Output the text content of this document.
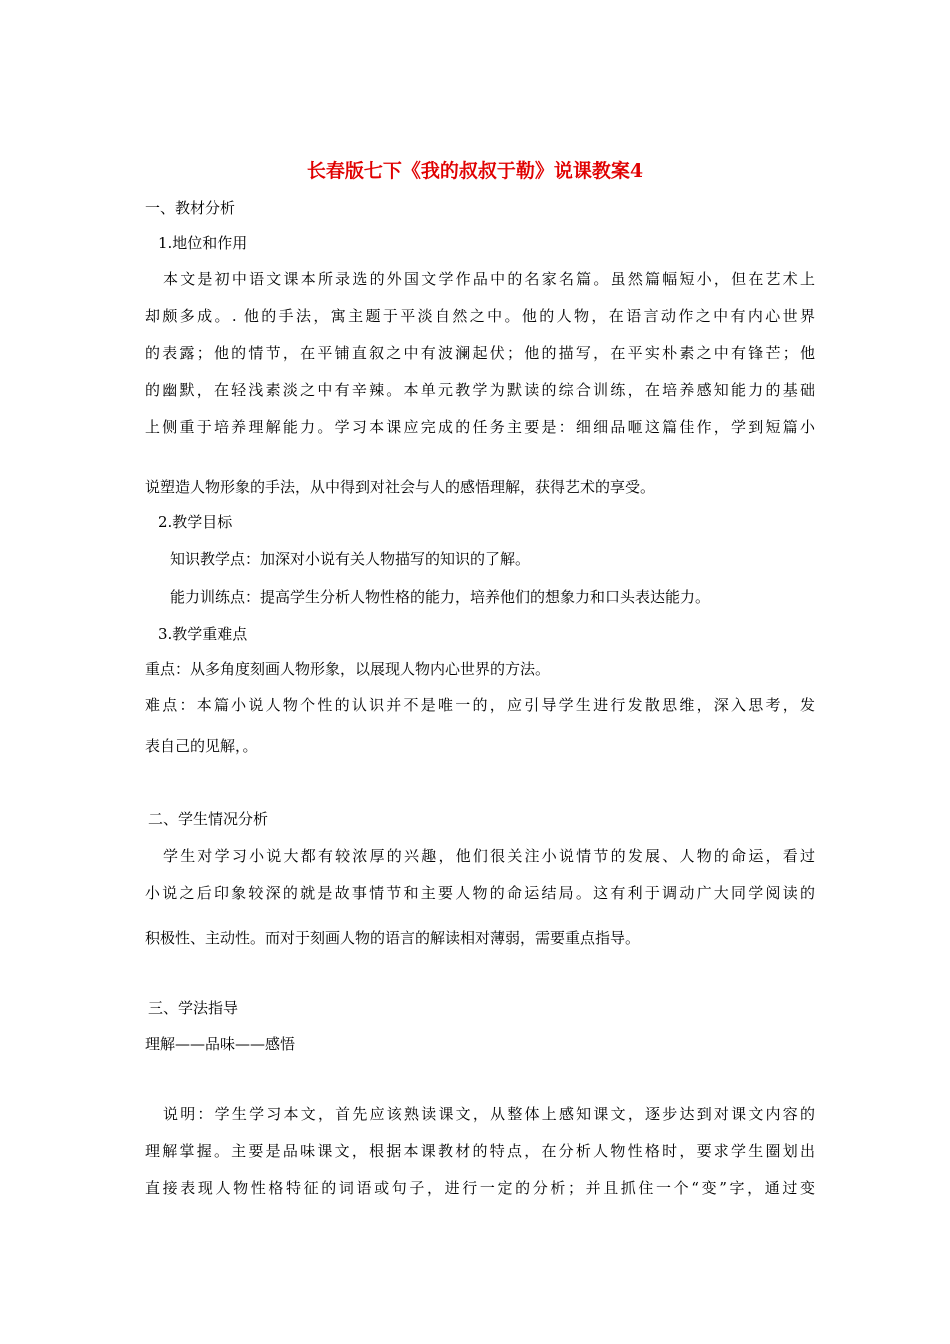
长春版七下《我的叔叔于勒》说课教案4
一、教材分析
1.地位和作用
本文是初中语文课本所录选的外国文学作品中的名家名篇。虽然篇幅短小，但在艺术上
却颇多成。. 他的手法，寓主题于平淡自然之中。他的人物，在语言动作之中有内心世界
的表露；他的情节，在平铺直叙之中有波澜起伏；他的描写，在平实朴素之中有锋芒；他
的幽默，在轻浅素淡之中有辛辣。本单元教学为默读的综合训练，在培养感知能力的基础
上侧重于培养理解能力。学习本课应完成的任务主要是：细细品咂这篇佳作，学到短篇小
说塑造人物形象的手法，从中得到对社会与人的感悟理解，获得艺术的享受。
2.教学目标
知识教学点：加深对小说有关人物描写的知识的了解。
能力训练点：提高学生分析人物性格的能力，培养他们的想象力和口头表达能力。
3.教学重难点
重点：从多角度刻画人物形象，以展现人物内心世界的方法。
难点：本篇小说人物个性的认识并不是唯一的，应引导学生进行发散思维，深入思考，发
表自己的见解，。
二、学生情况分析
学生对学习小说大都有较浓厚的兴趣，他们很关注小说情节的发展、人物的命运，看过
小说之后印象较深的就是故事情节和主要人物的命运结局。这有利于调动广大同学阅读的
积极性、主动性。而对于刻画人物的语言的解读相对薄弱，需要重点指导。
三、学法指导
理解——品味——感悟
说明：学生学习本文，首先应该熟读课文，从整体上感知课文，逐步达到对课文内容的
理解掌握。主要是品味课文，根据本课教材的特点，在分析人物性格时，要求学生圈划出
直接表现人物性格特征的词语或句子，进行一定的分析；并且抓住一个“变”字，通过变
